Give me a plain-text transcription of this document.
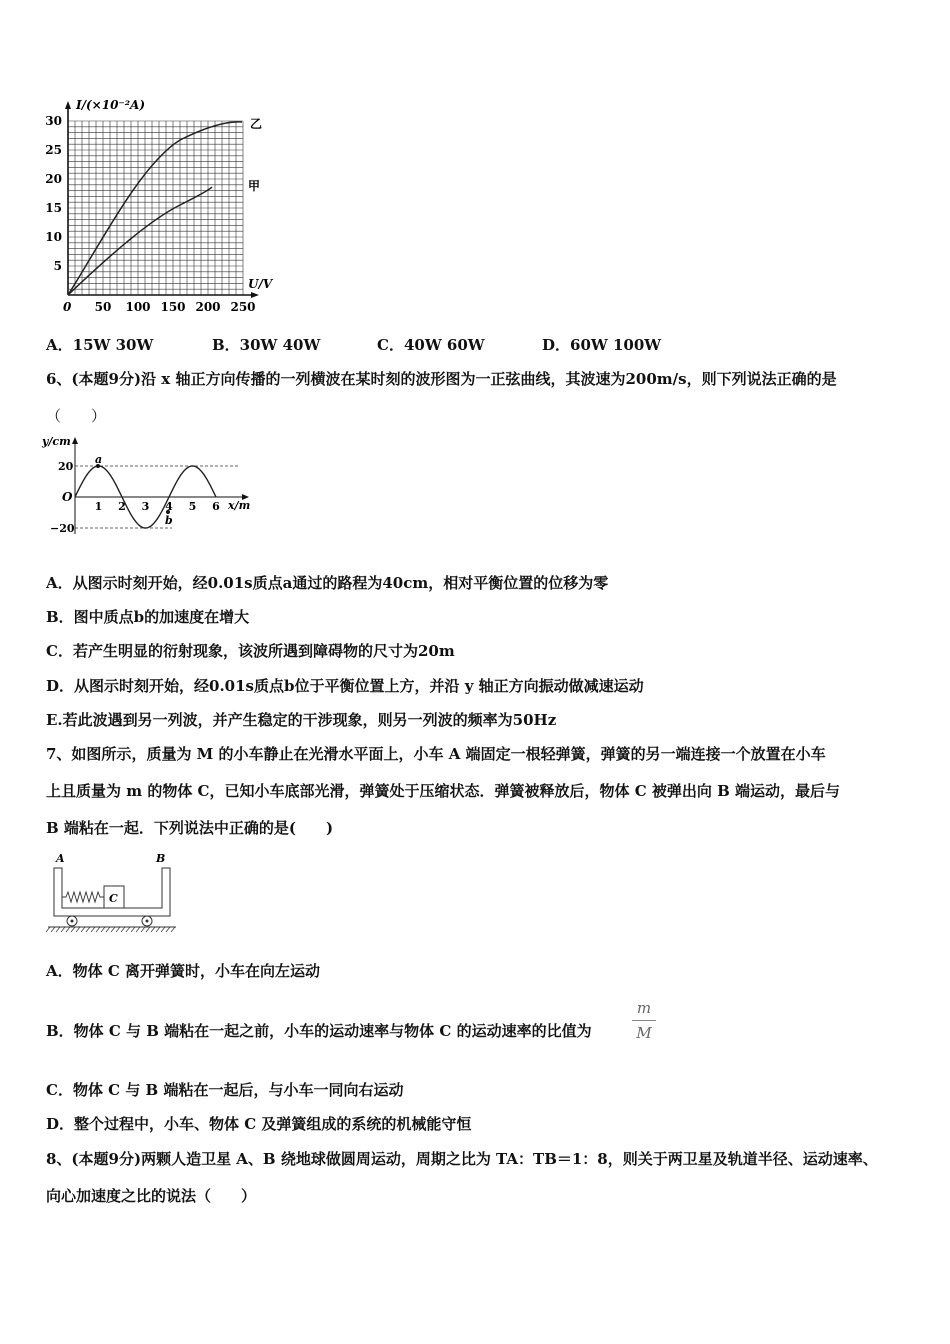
I/(×10⁻²A)
U/V
0
5
10
15
20
25
30
50 100 150 200 250
乙
甲
A．15W 30W	B．30W 40W	C．40W 60W	D．60W 100W
6、(本题9分)沿 x 轴正方向传播的一列横波在某时刻的波形图为一正弦曲线，其波速为200m/s，则下列说法正确的是
（　　）
y/cm
x/m
O
20
−20
1 2 3 4 5 6
a
b
A．从图示时刻开始，经0.01s质点a通过的路程为40cm，相对平衡位置的位移为零
B．图中质点b的加速度在增大
C．若产生明显的衍射现象，该波所遇到障碍物的尺寸为20m
D．从图示时刻开始，经0.01s质点b位于平衡位置上方，并沿 y 轴正方向振动做减速运动
E.若此波遇到另一列波，并产生稳定的干涉现象，则另一列波的频率为50Hz
7、如图所示，质量为 M 的小车静止在光滑水平面上，小车 A 端固定一根轻弹簧，弹簧的另一端连接一个放置在小车
上且质量为 m 的物体 C，已知小车底部光滑，弹簧处于压缩状态．弹簧被释放后，物体 C 被弹出向 B 端运动，最后与
B 端粘在一起．下列说法中正确的是(　　)
A	B
C
A．物体 C 离开弹簧时，小车在向左运动
B．物体 C 与 B 端粘在一起之前，小车的运动速率与物体 C 的运动速率的比值为
m
M
C．物体 C 与 B 端粘在一起后，与小车一同向右运动
D．整个过程中，小车、物体 C 及弹簧组成的系统的机械能守恒
8、(本题9分)两颗人造卫星 A、B 绕地球做圆周运动，周期之比为 TA：TB＝1：8，则关于两卫星及轨道半径、运动速率、
向心加速度之比的说法（　　）
